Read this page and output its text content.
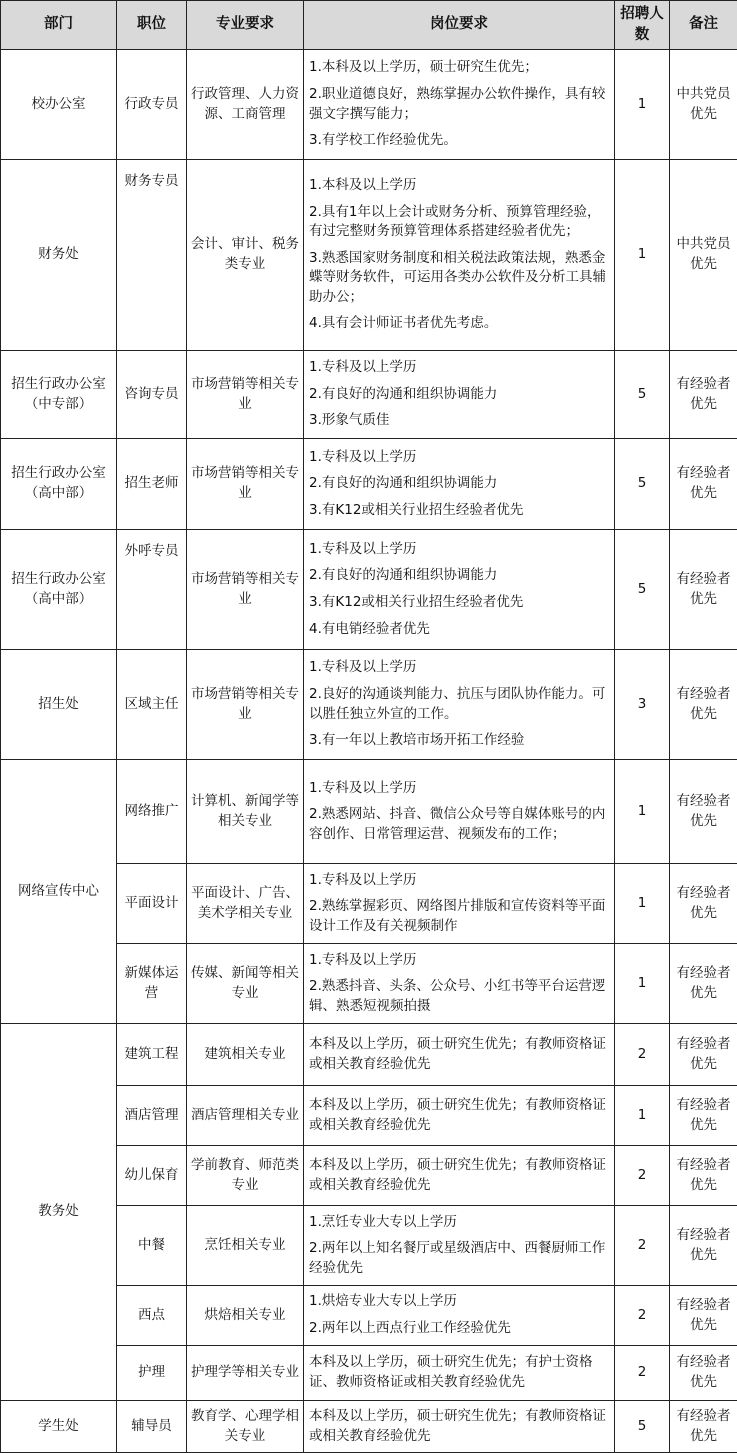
部门	职位	专业要求	岗位要求	招聘人数	备注
校办公室	行政专员	行政管理、人力资源、工商管理	1.本科及以上学历，硕士研究生优先；
2.职业道德良好，熟练掌握办公软件操作，具有较强文字撰写能力；
3.有学校工作经验优先。	1	中共党员优先
财务处	财务专员	会计、审计、税务类专业	1.本科及以上学历
2.具有1年以上会计或财务分析、预算管理经验，有过完整财务预算管理体系搭建经验者优先；
3.熟悉国家财务制度和相关税法政策法规，熟悉金蝶等财务软件，可运用各类办公软件及分析工具辅助办公；
4.具有会计师证书者优先考虑。	1	中共党员优先
招生行政办公室（中专部）	咨询专员	市场营销等相关专业	1.专科及以上学历
2.有良好的沟通和组织协调能力
3.形象气质佳	5	有经验者优先
招生行政办公室（高中部）	招生老师	市场营销等相关专业	1.专科及以上学历
2.有良好的沟通和组织协调能力
3.有K12或相关行业招生经验者优先	5	有经验者优先
招生行政办公室（高中部）	外呼专员	市场营销等相关专业	1.专科及以上学历
2.有良好的沟通和组织协调能力
3.有K12或相关行业招生经验者优先
4.有电销经验者优先	5	有经验者优先
招生处	区域主任	市场营销等相关专业	1.专科及以上学历
2.良好的沟通谈判能力、抗压与团队协作能力。可以胜任独立外宣的工作。
3.有一年以上教培市场开拓工作经验	3	有经验者优先
网络宣传中心	网络推广	计算机、新闻学等相关专业	1.专科及以上学历
2.熟悉网站、抖音、微信公众号等自媒体账号的内容创作、日常管理运营、视频发布的工作；	1	有经验者优先
	平面设计	平面设计、广告、美术学相关专业	1.专科及以上学历
2.熟练掌握彩页、网络图片排版和宣传资料等平面设计工作及有关视频制作	1	有经验者优先
	新媒体运营	传媒、新闻等相关专业	1.专科及以上学历
2.熟悉抖音、头条、公众号、小红书等平台运营逻辑、熟悉短视频拍摄	1	有经验者优先
教务处	建筑工程	建筑相关专业	本科及以上学历，硕士研究生优先；有教师资格证或相关教育经验优先	2	有经验者优先
	酒店管理	酒店管理相关专业	本科及以上学历，硕士研究生优先；有教师资格证或相关教育经验优先	1	有经验者优先
	幼儿保育	学前教育、师范类专业	本科及以上学历，硕士研究生优先；有教师资格证或相关教育经验优先	2	有经验者优先
	中餐	烹饪相关专业	1.烹饪专业大专以上学历
2.两年以上知名餐厅或星级酒店中、西餐厨师工作经验优先	2	有经验者优先
	西点	烘焙相关专业	1.烘焙专业大专以上学历
2.两年以上西点行业工作经验优先	2	有经验者优先
	护理	护理学等相关专业	本科及以上学历，硕士研究生优先；有护士资格证、教师资格证或相关教育经验优先	2	有经验者优先
学生处	辅导员	教育学、心理学相关专业	本科及以上学历，硕士研究生优先；有教师资格证或相关教育经验优先	5	有经验者优先
